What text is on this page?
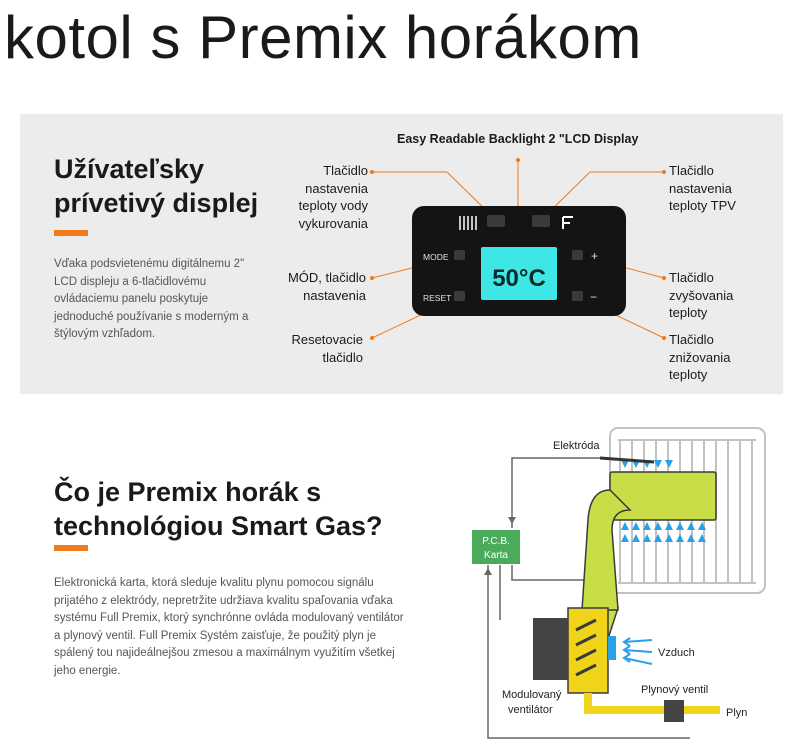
kotol s Premix horákom
Užívateľsky
prívetivý displej

Vďaka podsvietenému digitálnemu 2" LCD displeju a 6-tlačidlovému ovládaciemu panelu poskytuje jednoduché používanie s moderným a štýlovým vzhľadom.

Easy Readable Backlight 2 "LCD Display
Tlačidlo nastavenia teploty vody vykurovania
Tlačidlo nastavenia teploty TPV
MÓD, tlačidlo nastavenia
Tlačidlo zvyšovania teploty
Resetovacie tlačidlo
Tlačidlo znižovania teploty
MODE
RESET
50°C
+
−
Čo je Premix horák s
technológiou Smart Gas?

Elektronická karta, ktorá sleduje kvalitu plynu pomocou signálu prijatého z elektródy, nepretržite udržiava kvalitu spaľovania vďaka systému Full Premix, ktorý synchrónne ovláda modulovaný ventilátor a plynový ventil. Full Premix Systém zaisťuje, že použitý plyn je spálený tou najideálnejšou zmesou a maximálnym využitím všetkej jeho energie.

P.C.B.
Karta
Elektróda
Vzduch
Modulovaný
ventilátor
Plynový ventil
Plyn
